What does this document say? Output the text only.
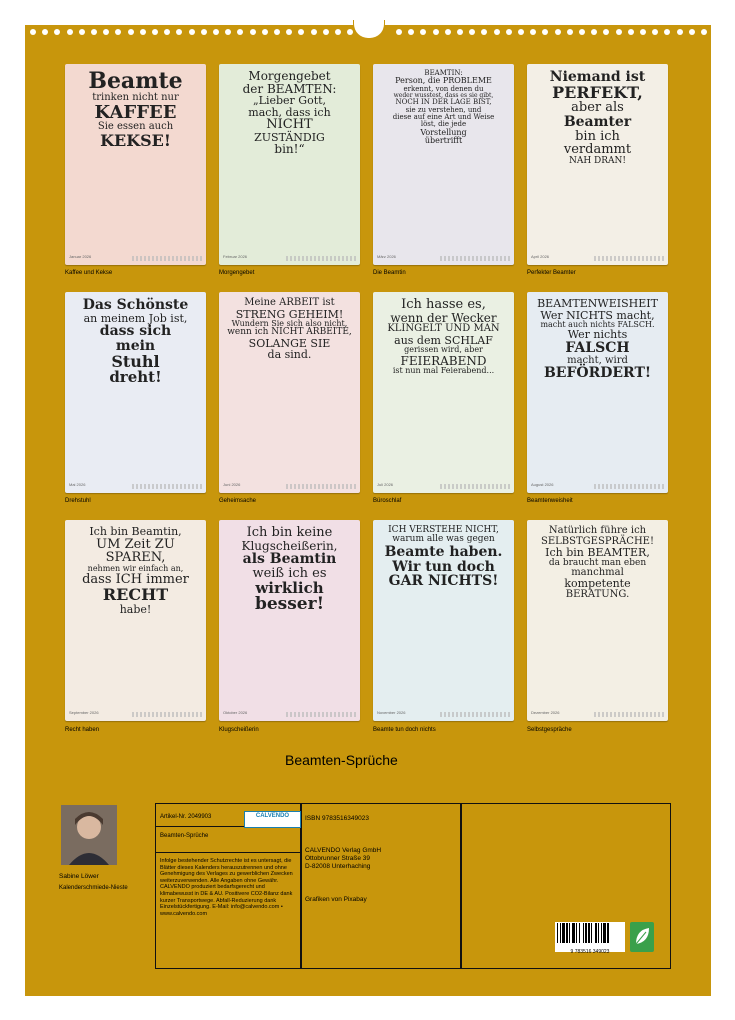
Beamte
trinken nicht nur
KAFFEE
Sie essen auch
KEKSE!
Januar 2026
Kaffee und Kekse
Morgengebet
der BEAMTEN:
„Lieber Gott,
mach, dass ich
NICHT
ZUSTÄNDIG
bin!“
Februar 2026
Morgengebet
BEAMTIN:
Person, die PROBLEME
erkennt, von denen du
weder wusstest, dass es sie gibt,
NOCH IN DER LAGE BIST,
sie zu verstehen, und
diese auf eine Art und Weise
löst, die jede
Vorstellung
übertrifft
März 2026
Die Beamtin
Niemand ist
PERFEKT,
aber als
Beamter
bin ich
verdammt
NAH DRAN!
April 2026
Perfekter Beamter
Das Schönste
an meinem Job ist,
dass sich
mein
Stuhl
dreht!
Mai 2026
Drehstuhl
Meine ARBEIT ist
STRENG GEHEIM!
Wundern Sie sich also nicht,
wenn ich NICHT ARBEITE,
SOLANGE SIE
da sind.
Juni 2026
Geheimsache
Ich hasse es,
wenn der Wecker
KLINGELT UND MAN
aus dem SCHLAF
gerissen wird, aber
FEIERABEND
ist nun mal Feierabend...
Juli 2026
Büroschlaf
BEAMTENWEISHEIT
Wer NICHTS macht,
macht auch nichts FALSCH.
Wer nichts
FALSCH
macht, wird
BEFÖRDERT!
August 2026
Beamtenweisheit
Ich bin Beamtin,
UM Zeit ZU SPAREN,
nehmen wir einfach an,
dass ICH immer
RECHT
habe!
September 2026
Recht haben
Ich bin keine
Klugscheißerin,
als Beamtin
weiß ich es
wirklich
besser!
Oktober 2026
Klugscheißerin
ICH VERSTEHE NICHT,
warum alle was gegen
Beamte haben.
Wir tun doch
GAR NICHTS!
November 2026
Beamte tun doch nichts
Natürlich führe ich
SELBSTGESPRÄCHE!
Ich bin BEAMTER,
da braucht man eben
manchmal
kompetente
BERATUNG.
Dezember 2026
Selbstgespräche
Beamten-Sprüche
Sabine Löwer
Kalenderschmiede-Nieste
Artikel-Nr. 2049903	CALVENDO
Beamten-Sprüche
Infolge bestehender Schutzrechte ist es untersagt, die Blätter dieses Kalenders herauszutrennen und ohne Genehmigung des Verlages zu gewerblichen Zwecken weiterzuverwenden. Alle Angaben ohne Gewähr. CALVENDO produziert bedarfsgerecht und klimabewusst in DE & AU. Positivere CO2-Bilanz dank kurzer Transportwege. Abfall-Reduzierung dank Einzelstückfertigung. E-Mail: info@calvendo.com • www.calvendo.com
ISBN 9783516349023
CALVENDO Verlag GmbH
Ottobrunner Straße 39
D-82008 Unterhaching
Grafiken von Pixabay
9 783516 349023
